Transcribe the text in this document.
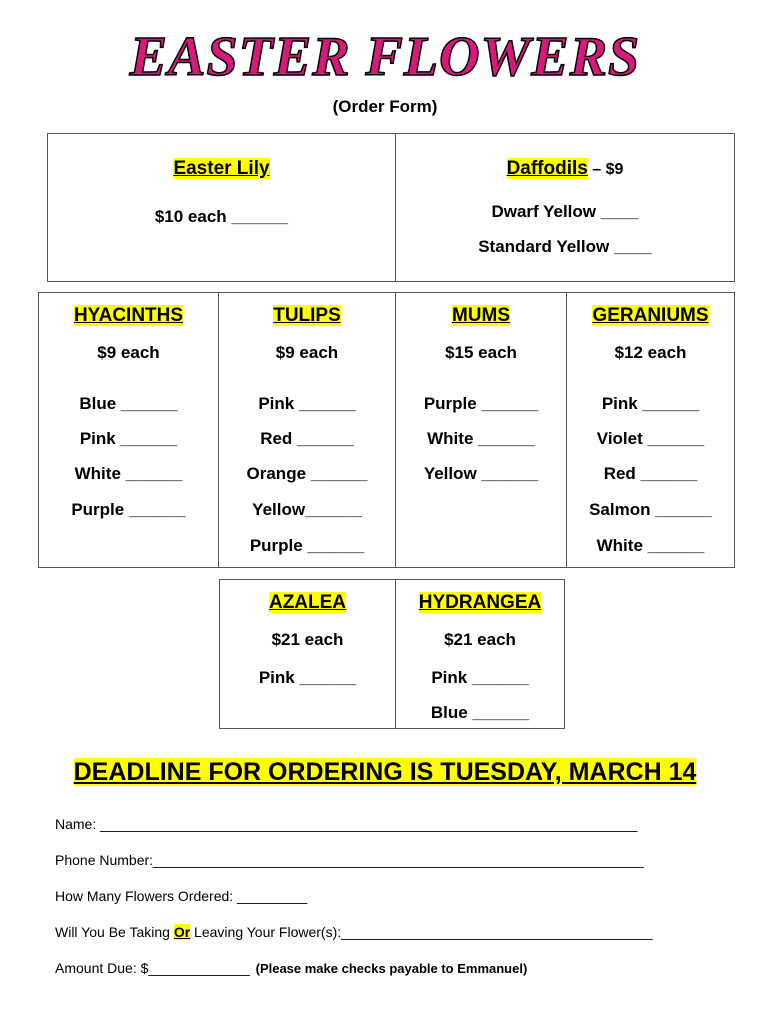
EASTER FLOWERS
(Order Form)
Easter Lily
$10 each ______
Daffodils – $9
Dwarf Yellow ____
Standard Yellow ____
HYACINTHS
$9 each
Blue ______
Pink ______
White ______
Purple ______
TULIPS
$9 each
Pink ______
Red ______
Orange ______
Yellow______
Purple ______
MUMS
$15 each
Purple ______
White ______
Yellow ______
GERANIUMS
$12 each
Pink ______
Violet ______
Red ______
Salmon ______
White ______
AZALEA
$21 each
Pink ______
HYDRANGEA
$21 each
Pink ______
Blue ______
DEADLINE FOR ORDERING IS TUESDAY, MARCH 14
Name: _____________________________________________________________________
Phone Number:_______________________________________________________________
How Many Flowers Ordered: _________
Will You Be Taking Or Leaving Your Flower(s):________________________________________
Amount Due: $_____________ (Please make checks payable to Emmanuel)
